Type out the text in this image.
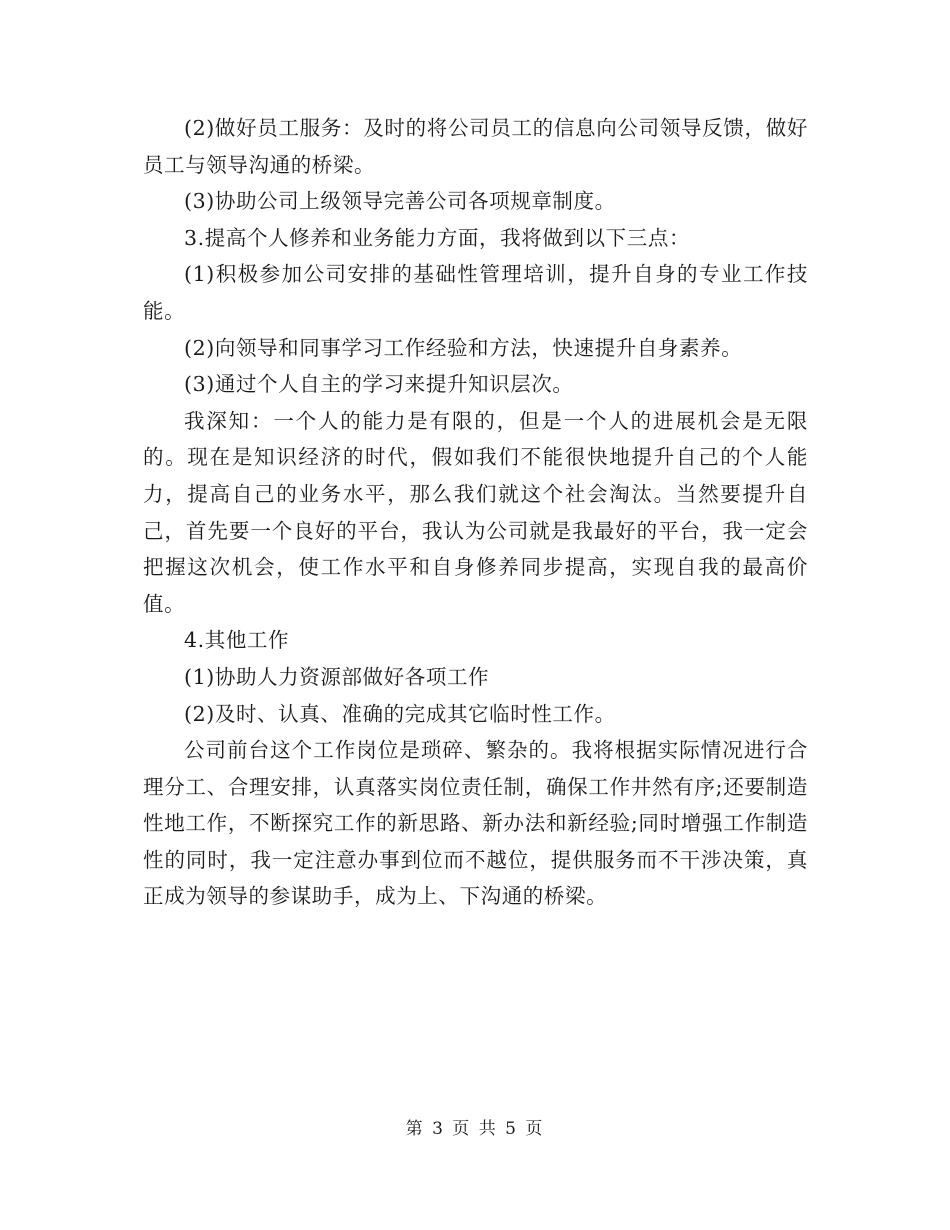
(2)做好员工服务：及时的将公司员工的信息向公司领导反馈，做好员工与领导沟通的桥梁。

(3)协助公司上级领导完善公司各项规章制度。

3.提高个人修养和业务能力方面，我将做到以下三点：

(1)积极参加公司安排的基础性管理培训，提升自身的专业工作技能。

(2)向领导和同事学习工作经验和方法，快速提升自身素养。

(3)通过个人自主的学习来提升知识层次。

我深知：一个人的能力是有限的，但是一个人的进展机会是无限的。现在是知识经济的时代，假如我们不能很快地提升自己的个人能力，提高自己的业务水平，那么我们就这个社会淘汰。当然要提升自己，首先要一个良好的平台，我认为公司就是我最好的平台，我一定会把握这次机会，使工作水平和自身修养同步提高，实现自我的最高价值。

4.其他工作

(1)协助人力资源部做好各项工作

(2)及时、认真、准确的完成其它临时性工作。

公司前台这个工作岗位是琐碎、繁杂的。我将根据实际情况进行合理分工、合理安排，认真落实岗位责任制，确保工作井然有序;还要制造性地工作，不断探究工作的新思路、新办法和新经验;同时增强工作制造性的同时，我一定注意办事到位而不越位，提供服务而不干涉决策，真正成为领导的参谋助手，成为上、下沟通的桥梁。

第 3 页 共 5 页
